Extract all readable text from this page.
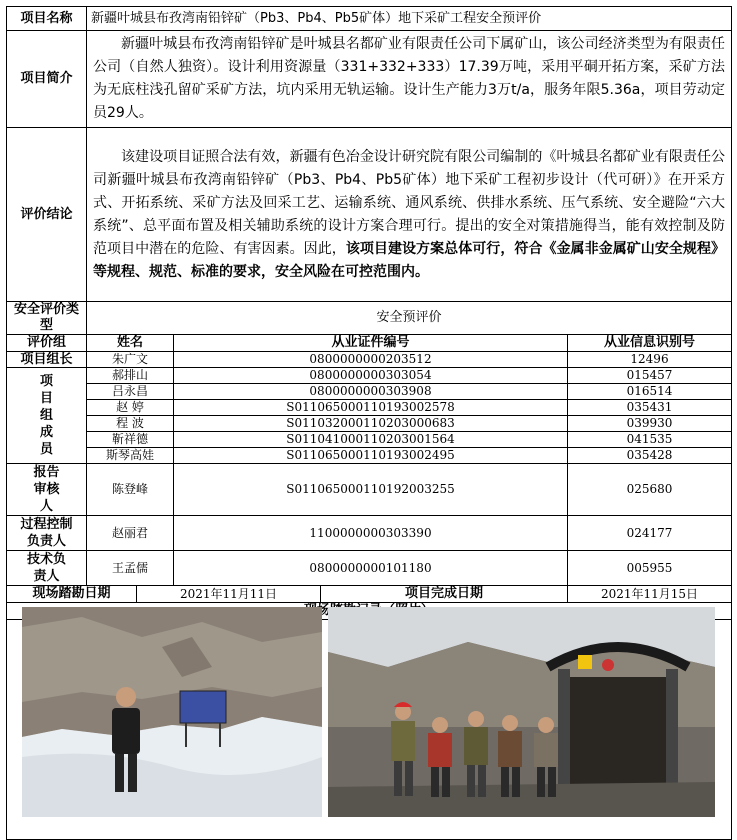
项目名称	新疆叶城县布孜湾南铅锌矿（Pb3、Pb4、Pb5矿体）地下采矿工程安全预评价				
项目简介	新疆叶城县布孜湾南铅锌矿是叶城县名都矿业有限责任公司下属矿山，该公司经济类型为有限责任公司（自然人独资）。设计利用资源量（331+332+333）17.39万吨，采用平硐开拓方案，采矿方法为无底柱浅孔留矿采矿方法，坑内采用无轨运输。设计生产能力3万t/a，服务年限5.36a，项目劳动定员29人。				
评价结论	该建设项目证照合法有效，新疆有色冶金设计研究院有限公司编制的《叶城县名都矿业有限责任公司新疆叶城县布孜湾南铅锌矿（Pb3、Pb4、Pb5矿体）地下采矿工程初步设计（代可研）》在开采方式、开拓系统、采矿方法及回采工艺、运输系统、通风系统、供排水系统、压气系统、安全避险“六大系统”、总平面布置及相关辅助系统的设计方案合理可行。提出的安全对策措施得当，能有效控制及防范项目中潜在的危险、有害因素。因此，该项目建设方案总体可行，符合《金属非金属矿山安全规程》等规程、规范、标准的要求，安全风险在可控范围内。				
安全评价类型	安全预评价				
评价组	姓名		从业证件编号		从业信息识别号
项目组长	朱广文		0800000000203512		12496

项目组成员	郝排山		0800000000303054		015457
	吕永昌		0800000000303908		016514
	赵 婷		S011065000110193002578		035431
	程 波		S011032000110203000683		039930
	靳祥德		S011041000110203001564		041535
	斯琴高娃		S011065000110193002495		035428

报告审核人	陈登峰		S011065000110192003255		025680

过程控制负责人	赵丽君		1100000000303390		024177

技术负责人	王孟儒		0800000000101180		005955
现场踏勘日期		2021年11月11日		项目完成日期	2021年11月15日
